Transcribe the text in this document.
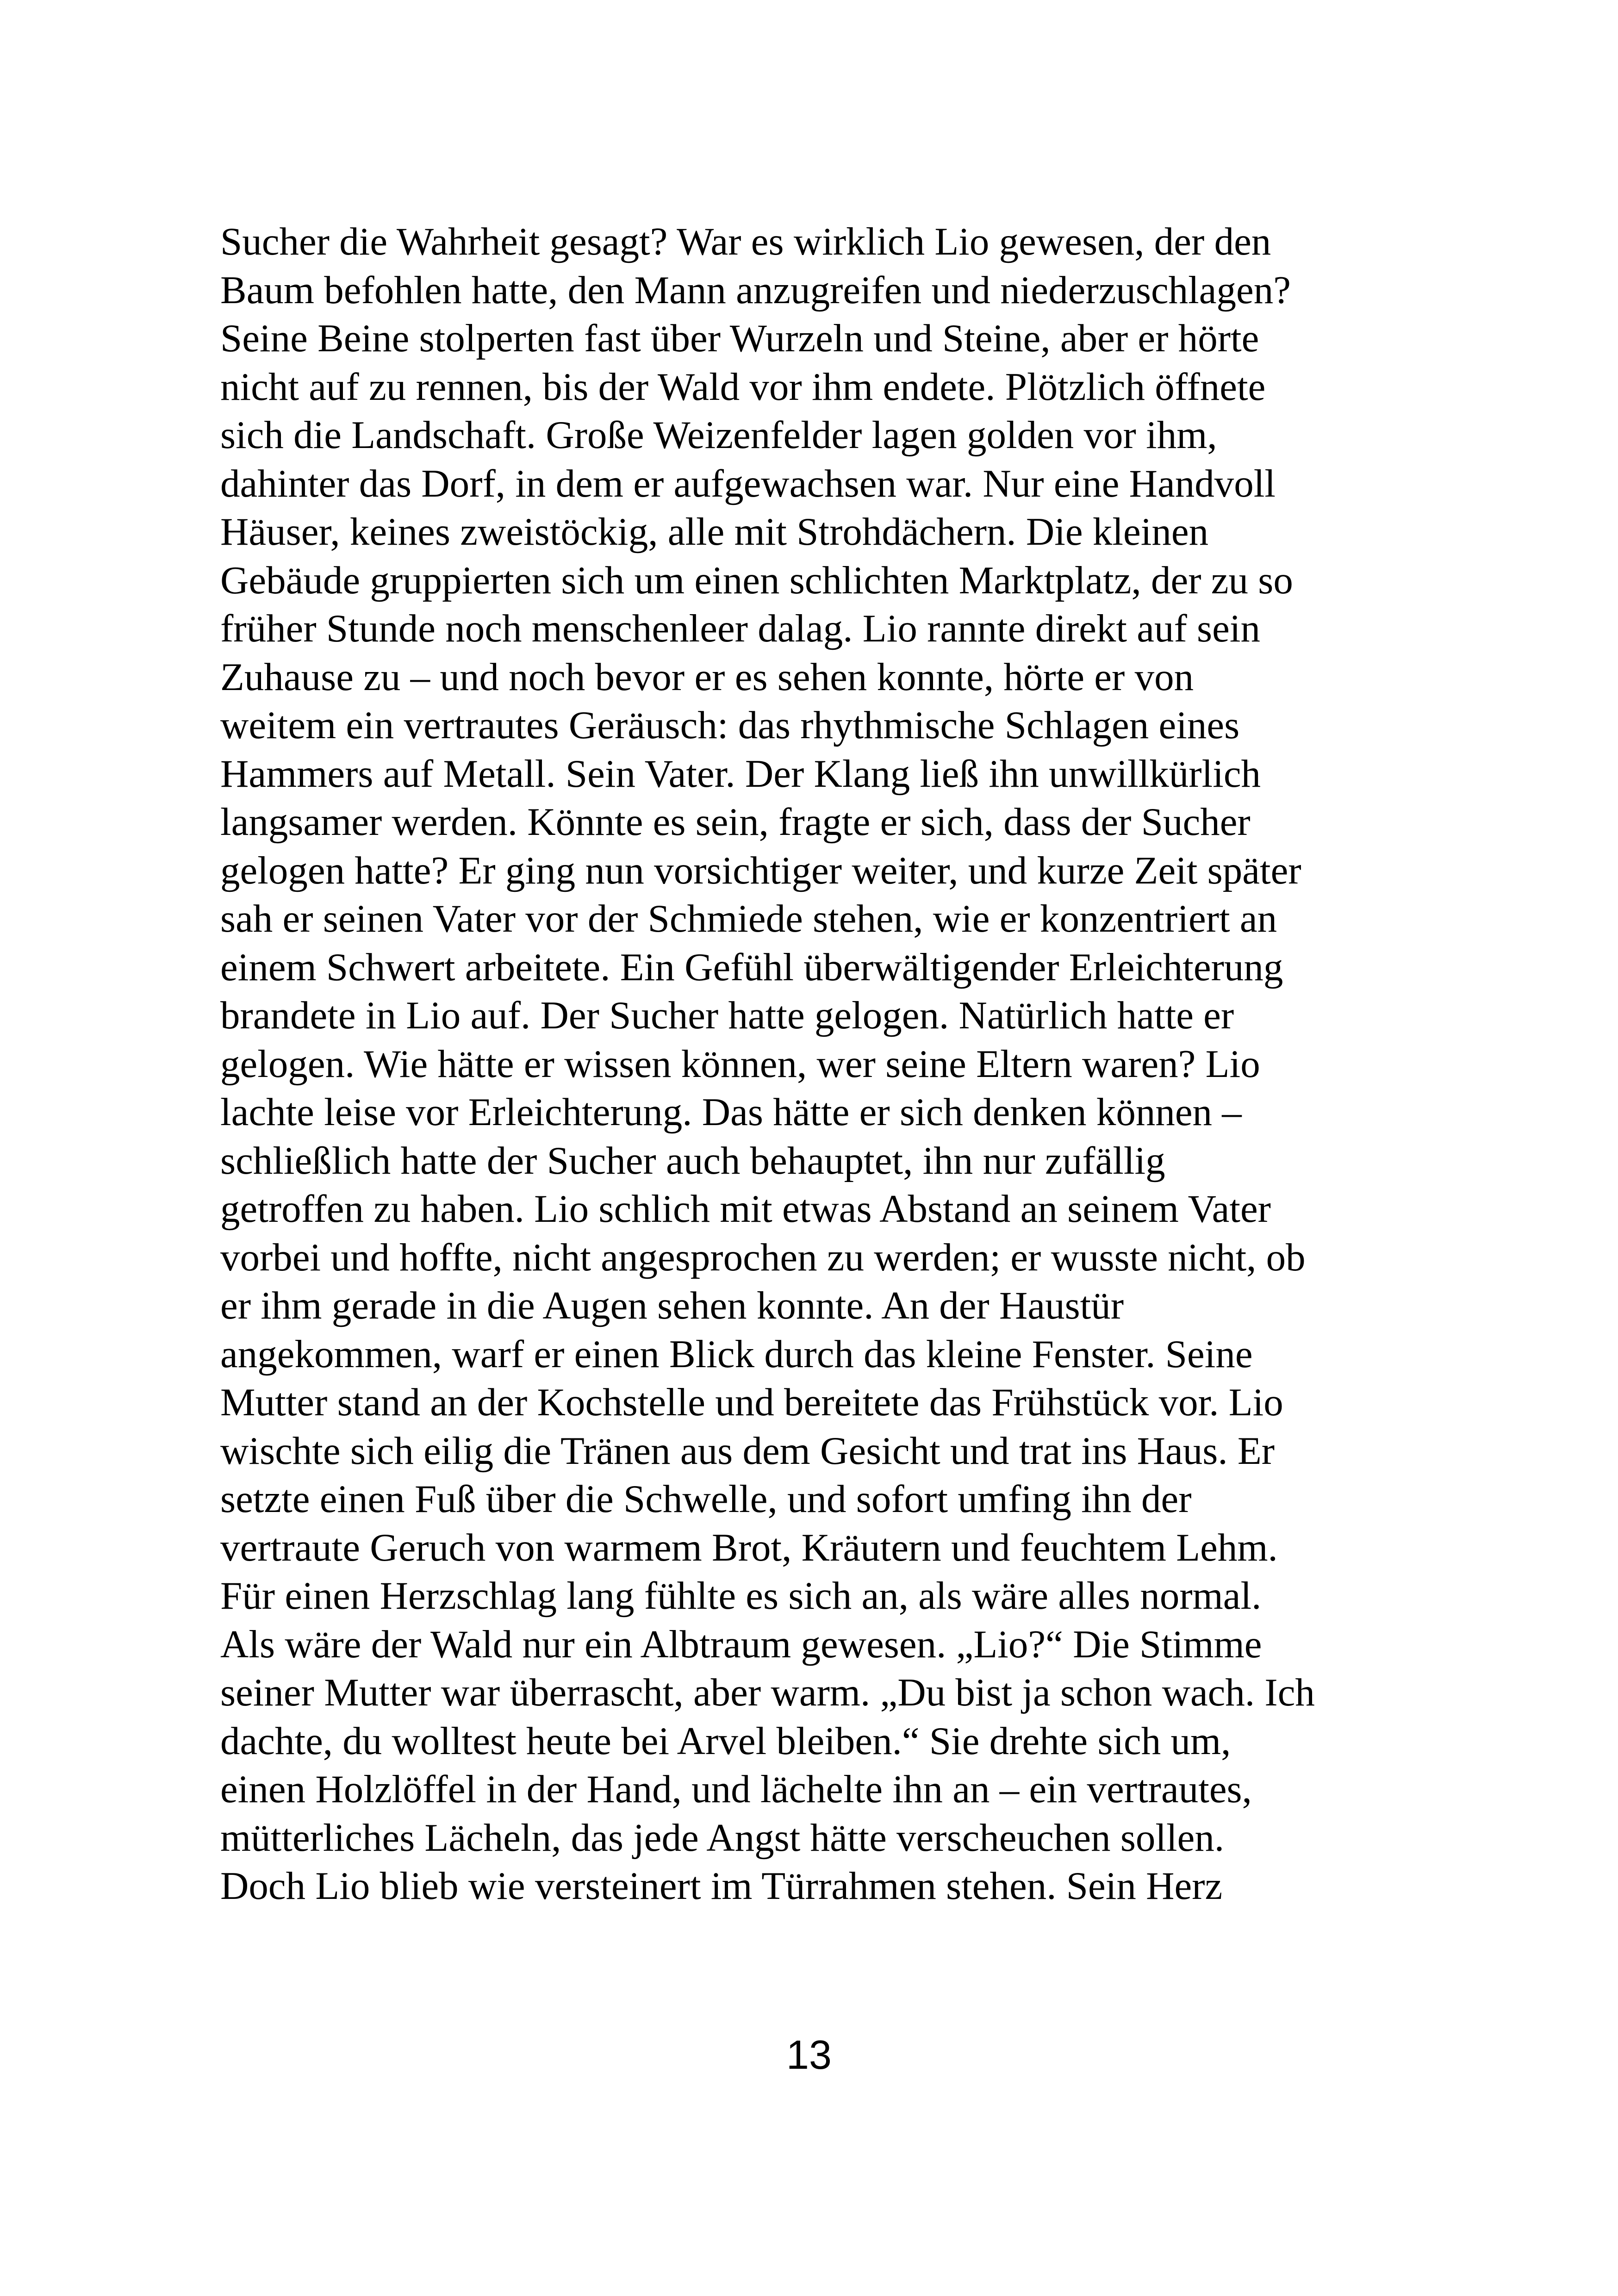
Sucher die Wahrheit gesagt? War es wirklich Lio gewesen, der den
Baum befohlen hatte, den Mann anzugreifen und niederzuschlagen?
Seine Beine stolperten fast über Wurzeln und Steine, aber er hörte
nicht auf zu rennen, bis der Wald vor ihm endete. Plötzlich öffnete
sich die Landschaft. Große Weizenfelder lagen golden vor ihm,
dahinter das Dorf, in dem er aufgewachsen war. Nur eine Handvoll
Häuser, keines zweistöckig, alle mit Strohdächern. Die kleinen
Gebäude gruppierten sich um einen schlichten Marktplatz, der zu so
früher Stunde noch menschenleer dalag. Lio rannte direkt auf sein
Zuhause zu – und noch bevor er es sehen konnte, hörte er von
weitem ein vertrautes Geräusch: das rhythmische Schlagen eines
Hammers auf Metall. Sein Vater. Der Klang ließ ihn unwillkürlich
langsamer werden. Könnte es sein, fragte er sich, dass der Sucher
gelogen hatte? Er ging nun vorsichtiger weiter, und kurze Zeit später
sah er seinen Vater vor der Schmiede stehen, wie er konzentriert an
einem Schwert arbeitete. Ein Gefühl überwältigender Erleichterung
brandete in Lio auf. Der Sucher hatte gelogen. Natürlich hatte er
gelogen. Wie hätte er wissen können, wer seine Eltern waren? Lio
lachte leise vor Erleichterung. Das hätte er sich denken können –
schließlich hatte der Sucher auch behauptet, ihn nur zufällig
getroffen zu haben. Lio schlich mit etwas Abstand an seinem Vater
vorbei und hoffte, nicht angesprochen zu werden; er wusste nicht, ob
er ihm gerade in die Augen sehen konnte. An der Haustür
angekommen, warf er einen Blick durch das kleine Fenster. Seine
Mutter stand an der Kochstelle und bereitete das Frühstück vor. Lio
wischte sich eilig die Tränen aus dem Gesicht und trat ins Haus. Er
setzte einen Fuß über die Schwelle, und sofort umfing ihn der
vertraute Geruch von warmem Brot, Kräutern und feuchtem Lehm.
Für einen Herzschlag lang fühlte es sich an, als wäre alles normal.
Als wäre der Wald nur ein Albtraum gewesen. „Lio?“ Die Stimme
seiner Mutter war überrascht, aber warm. „Du bist ja schon wach. Ich
dachte, du wolltest heute bei Arvel bleiben.“ Sie drehte sich um,
einen Holzlöffel in der Hand, und lächelte ihn an – ein vertrautes,
mütterliches Lächeln, das jede Angst hätte verscheuchen sollen.
Doch Lio blieb wie versteinert im Türrahmen stehen. Sein Herz
13
